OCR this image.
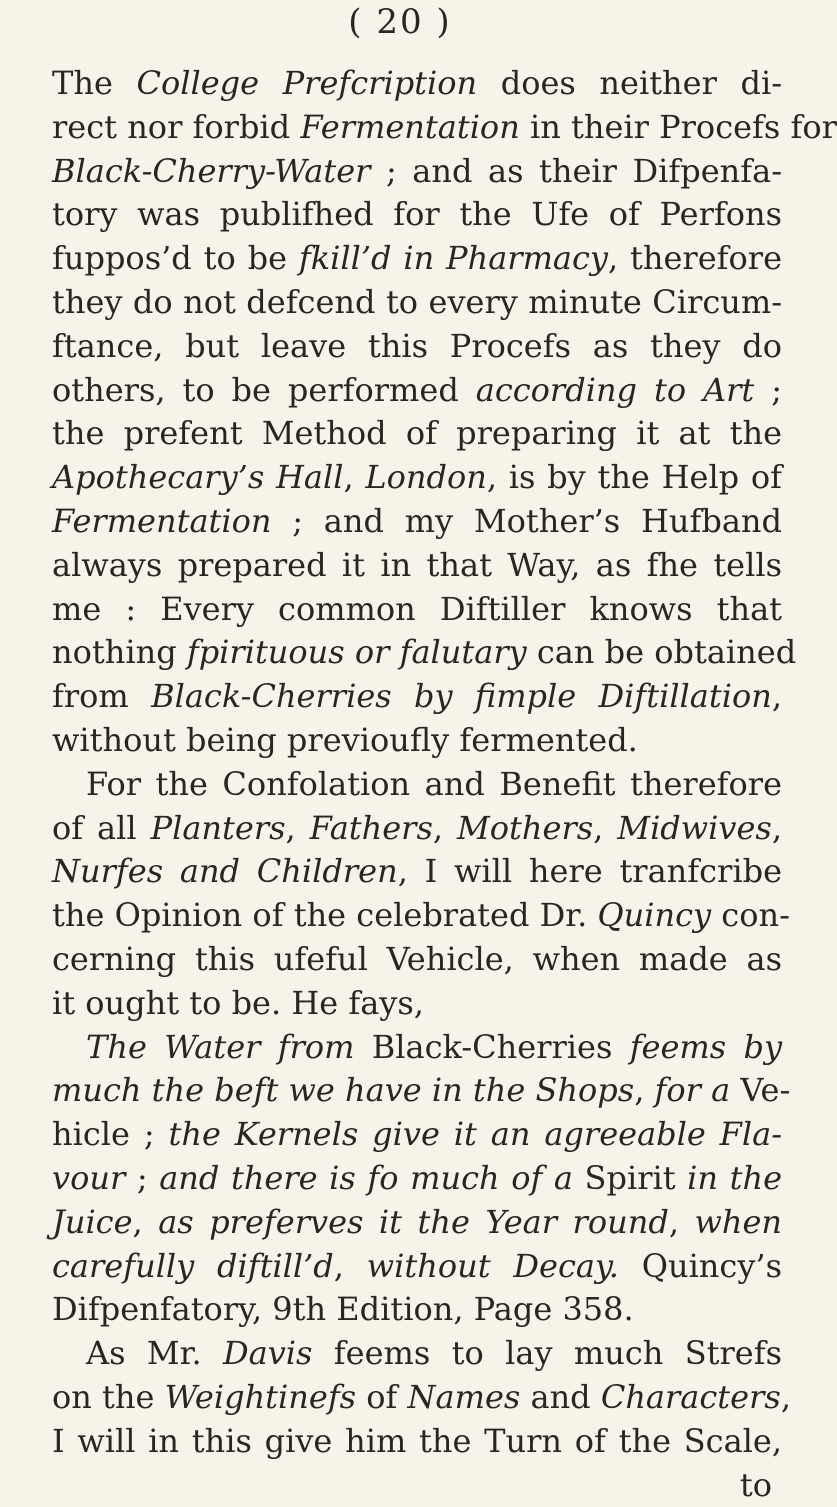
( 20 )
The College Prefcription does neither di-
rect nor forbid Fermentation in their Procefs for
Black-Cherry-Water ; and as their Difpenfa-
tory was publifhed for the Ufe of Perfons
fuppos’d to be fkill’d in Pharmacy, therefore
they do not defcend to every minute Circum-
ftance, but leave this Procefs as they do
others, to be performed according to Art ;
the prefent Method of preparing it at the
Apothecary’s Hall, London, is by the Help of
Fermentation ; and my Mother’s Hufband
always prepared it in that Way, as fhe tells
me : Every common Diftiller knows that
nothing fpirituous or falutary can be obtained
from Black-Cherries by fimple Diftillation,
without being previoufly fermented.
For the Confolation and Benefit therefore
of all Planters, Fathers, Mothers, Midwives,
Nurfes and Children, I will here tranfcribe
the Opinion of the celebrated Dr. Quincy con-
cerning this ufeful Vehicle, when made as
it ought to be. He fays,
The Water from Black-Cherries feems by
much the beft we have in the Shops, for a Ve-
hicle ; the Kernels give it an agreeable Fla-
vour ; and there is fo much of a Spirit in the
Juice, as preferves it the Year round, when
carefully diftill’d, without Decay. Quincy’s
Difpenfatory, 9th Edition, Page 358.
As Mr. Davis feems to lay much Strefs
on the Weightinefs of Names and Characters,
I will in this give him the Turn of the Scale,
to
